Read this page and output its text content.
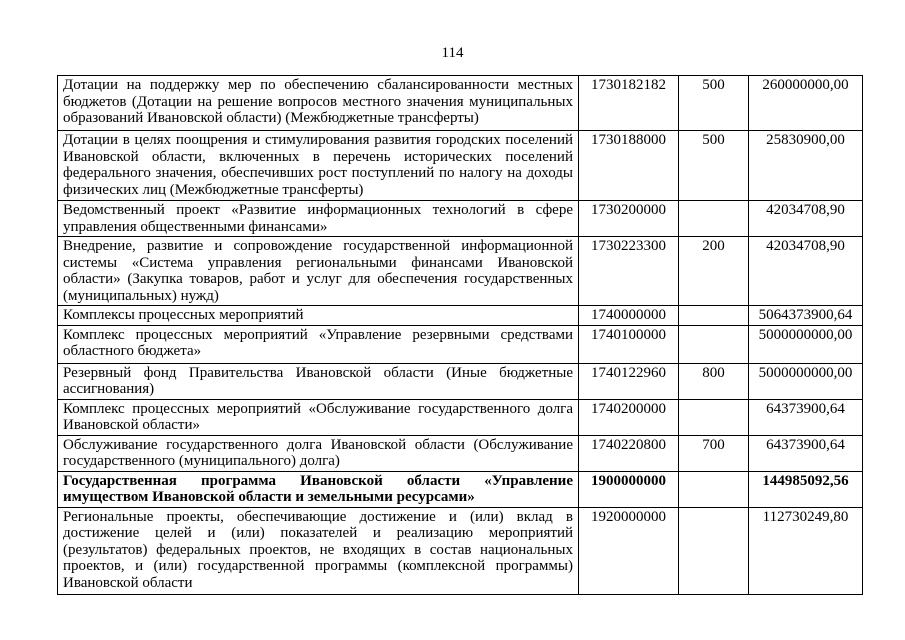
114
Дотации на поддержку мер по обеспечению сбалансированности местных бюджетов (Дотации на решение вопросов местного значения муниципальных образований Ивановской области) (Межбюджетные трансферты)	1730182182	500	260000000,00
Дотации в целях поощрения и стимулирования развития городских поселений Ивановской области, включенных в перечень исторических поселений федерального значения, обеспечивших рост поступлений по налогу на доходы физических лиц (Межбюджетные трансферты)	1730188000	500	25830900,00
Ведомственный проект «Развитие информационных технологий в сфере управления общественными финансами»	1730200000		42034708,90
Внедрение, развитие и сопровождение государственной информационной системы «Система управления региональными финансами Ивановской области» (Закупка товаров, работ и услуг для обеспечения государственных (муниципальных) нужд)	1730223300	200	42034708,90
Комплексы процессных мероприятий	1740000000		5064373900,64
Комплекс процессных мероприятий «Управление резервными средствами областного бюджета»	1740100000		5000000000,00
Резервный фонд Правительства Ивановской области (Иные бюджетные ассигнования)	1740122960	800	5000000000,00
Комплекс процессных мероприятий «Обслуживание государственного долга Ивановской области»	1740200000		64373900,64
Обслуживание государственного долга Ивановской области (Обслуживание государственного (муниципального) долга)	1740220800	700	64373900,64
Государственная программа Ивановской области «Управление имуществом Ивановской области и земельными ресурсами»	1900000000		144985092,56
Региональные проекты, обеспечивающие достижение и (или) вклад в достижение целей и (или) показателей и реализацию мероприятий (результатов) федеральных проектов, не входящих в состав национальных проектов, и (или) государственной программы (комплексной программы) Ивановской области	1920000000		112730249,80
